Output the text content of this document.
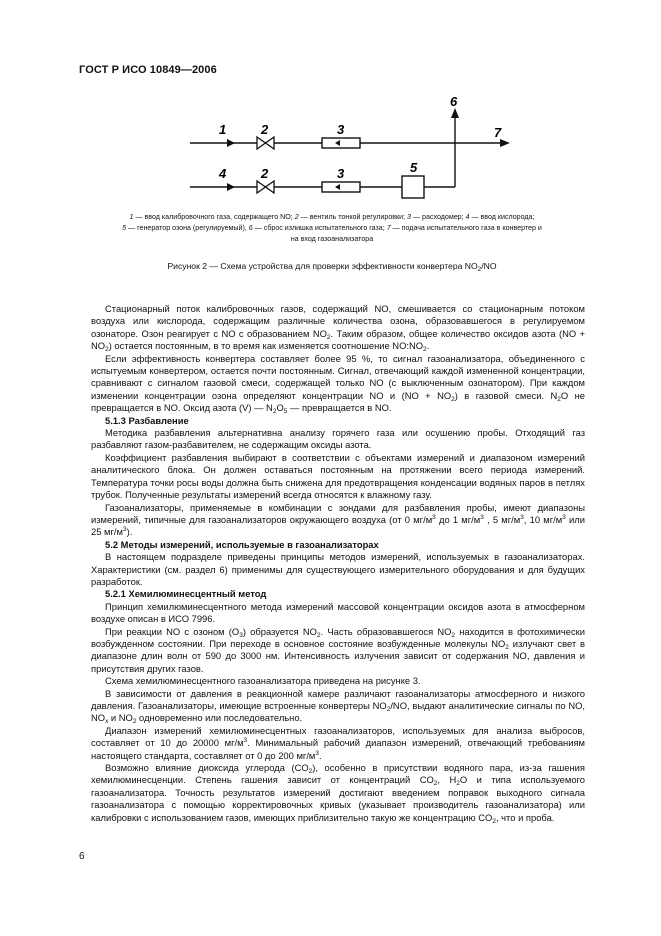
ГОСТ Р ИСО 10849—2006
1	2	3
4	2	3	5
6
7
1 — ввод калибровочного газа, содержащего NO; 2 — вентиль тонкой регулировки; 3 — расходомер; 4 — ввод кислорода;
5 — генератор озона (регулируемый), 6 — сброс излишка испытательного газа; 7 — подача испытательного газа в конвертер и
на вход газоанализатора
Рисунок 2 — Схема устройства для проверки эффективности конвертера $NO_2/NO$

Стационарный поток калибровочных газов, содержащий NO, смешивается со стационарным потоком воздуха или кислорода, содержащим различные количества озона, образовавшегося в регулируемом озонаторе. Озон реагирует с NO с образованием $NO_2$. Таким образом, общее количество оксидов азота $(NO + NO_2)$ остается постоянным, в то время как изменяется соотношение $NO:NO_2$.

Если эффективность конвертера составляет более 95 %, то сигнал газоанализатора, объединенного с испытуемым конвертером, остается почти постоянным. Сигнал, отвечающий каждой измененной концентрации, сравнивают с сигналом газовой смеси, содержащей только NO (с выключенным озонатором). При каждом изменении концентрации озона определяют концентрации NO и $(NO + NO_2)$ в газовой смеси. $N_2O$ не превращается в NO. Оксид азота (V) — $N_2O_5$ — превращается в NO.

5.1.3 Разбавление

Методика разбавления альтернативна анализу горячего газа или осушению пробы. Отходящий газ разбавляют газом-разбавителем, не содержащим оксиды азота.

Коэффициент разбавления выбирают в соответствии с объектами измерений и диапазоном измерений аналитического блока. Он должен оставаться постоянным на протяжении всего периода измерений. Температура точки росы воды должна быть снижена для предотвращения конденсации водяных паров в петлях трубок. Полученные результаты измерений всегда относятся к влажному газу.

Газоанализаторы, применяемые в комбинации с зондами для разбавления пробы, имеют диапазоны измерений, типичные для газоанализаторов окружающего воздуха (от 0 $мг/м^3$ до 1 $мг/м^3$ , 5 $мг/м^3$, 10 $мг/м^3$ или 25 $мг/м^3$).

5.2 Методы измерений, используемые в газоанализаторах

В настоящем подразделе приведены принципы методов измерений, используемых в газоанализаторах. Характеристики (см. раздел 6) применимы для существующего измерительного оборудования и для будущих разработок.

5.2.1 Хемилюминесцентный метод

Принцип хемилюминесцентного метода измерений массовой концентрации оксидов азота в атмосферном воздухе описан в ИСО 7996.

При реакции NO с озоном $(O_3)$ образуется $NO_2$. Часть образовавшегося $NO_2$ находится в фотохимически возбужденном состоянии. При переходе в основное состояние возбужденные молекулы $NO_2$ излучают свет в диапазоне длин волн от 590 до 3000 нм. Интенсивность излучения зависит от содержания NO, давления и присутствия других газов.

Схема хемилюминесцентного газоанализатора приведена на рисунке 3.

В зависимости от давления в реакционной камере различают газоанализаторы атмосферного и низкого давления. Газоанализаторы, имеющие встроенные конвертеры $NO_2/NO$, выдают аналитические сигналы по NO, $NO_x$ и $NO_2$ одновременно или последовательно.

Диапазон измерений хемилюминесцентных газоанализаторов, используемых для анализа выбросов, составляет от 10 до 20000 $мг/м^3$. Минимальный рабочий диапазон измерений, отвечающий требованиям настоящего стандарта, составляет от 0 до 200 $мг/м^3$.

Возможно влияние диоксида углерода $(CO_2)$, особенно в присутствии водяного пара, из-за гашения хемилюминесценции. Степень гашения зависит от концентраций $CO_2$, $H_2O$ и типа используемого газоанализатора. Точность результатов измерений достигают введением поправок выходного сигнала газоанализатора с помощью корректировочных кривых (указывает производитель газоанализатора) или калибровки с использованием газов, имеющих приблизительно такую же концентрацию $CO_2$, что и проба.

6
